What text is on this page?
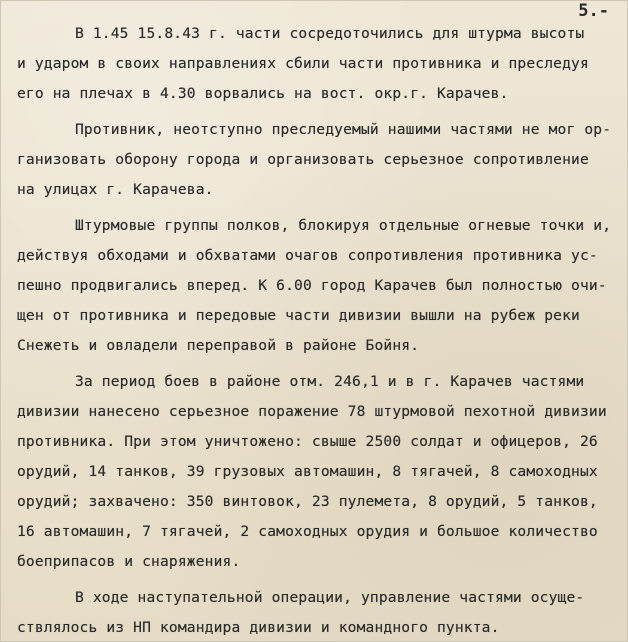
5.-
В 1.45 15.8.43 г. части сосредоточились для штурма высоты
и ударом в своих направлениях сбили части противника и преследуя
его на плечах в 4.30 ворвались на вост. окр.г. Карачев.
Противник, неотступно преследуемый нашими частями не мог ор-
ганизовать оборону города и организовать серьезное сопротивление
на улицах г. Карачева.
Штурмовые группы полков, блокируя отдельные огневые точки и,
действуя обходами и обхватами очагов сопротивления противника ус-
пешно продвигались вперед. К 6.00 город Карачев был полностью очи-
щен от противника и передовые части дивизии вышли на рубеж реки
Снежеть и овладели переправой в районе Бойня.
За период боев в районе отм. 246,1 и в г. Карачев частями
дивизии нанесено серьезное поражение 78 штурмовой пехотной дивизии
противника. При этом уничтожено: свыше 2500 солдат и офицеров, 26
орудий, 14 танков, 39 грузовых автомашин, 8 тягачей, 8 самоходных
орудий; захвачено: 350 винтовок, 23 пулемета, 8 орудий, 5 танков,
16 автомашин, 7 тягачей, 2 самоходных орудия и большое количество
боеприпасов и снаряжения.
В ходе наступательной операции, управление частями осуще-
ствлялось из НП командира дивизии и командного пункта.
